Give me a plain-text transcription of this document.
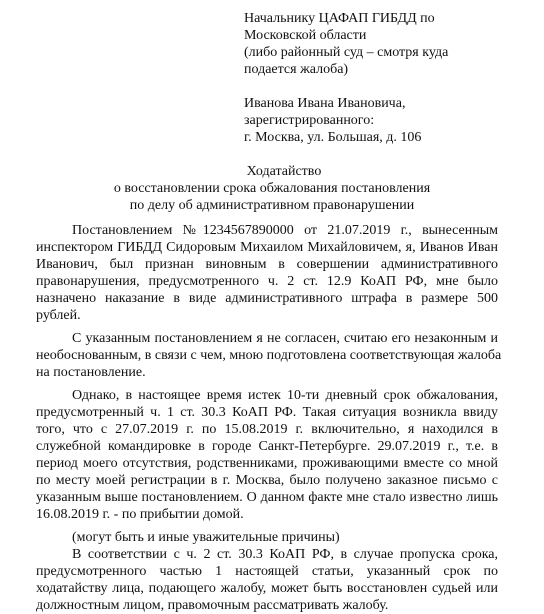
Начальнику ЦАФАП ГИБДД по
Московской области
(либо районный суд – смотря куда
подается жалоба)
Иванова Ивана Ивановича,
зарегистрированного:
г. Москва, ул. Большая, д. 106
Ходатайство
о восстановлении срока обжалования постановления
по делу об административном правонарушении
Постановлением №1234567890000 от 21.07.2019 г., вынесенным
инспектором ГИБДД Сидоровым Михаилом Михайловичем, я, Иванов Иван
Иванович, был признан виновным в совершении административного
правонарушения, предусмотренного ч. 2 ст. 12.9 КоАП РФ, мне было
назначено наказание в виде административного штрафа в размере 500
рублей.
С указанным постановлением я не согласен, считаю его незаконным и
необоснованным, в связи с чем, мною подготовлена соответствующая жалоба
на постановление.
Однако, в настоящее время истек 10-ти дневный срок обжалования,
предусмотренный ч. 1 ст. 30.3 КоАП РФ. Такая ситуация возникла ввиду
того, что с 27.07.2019 г. по 15.08.2019 г. включительно, я находился в
служебной командировке в городе Санкт-Петербурге. 29.07.2019 г., т.е. в
период моего отсутствия, родственниками, проживающими вместе со мной
по месту моей регистрации в г. Москва, было получено заказное письмо с
указанным выше постановлением. О данном факте мне стало известно лишь
16.08.2019 г. - по прибытии домой.
(могут быть и иные уважительные причины)
В соответствии с ч. 2 ст. 30.3 КоАП РФ, в случае пропуска срока,
предусмотренного частью 1 настоящей статьи, указанный срок по
ходатайству лица, подающего жалобу, может быть восстановлен судьей или
должностным лицом, правомочным рассматривать жалобу.
